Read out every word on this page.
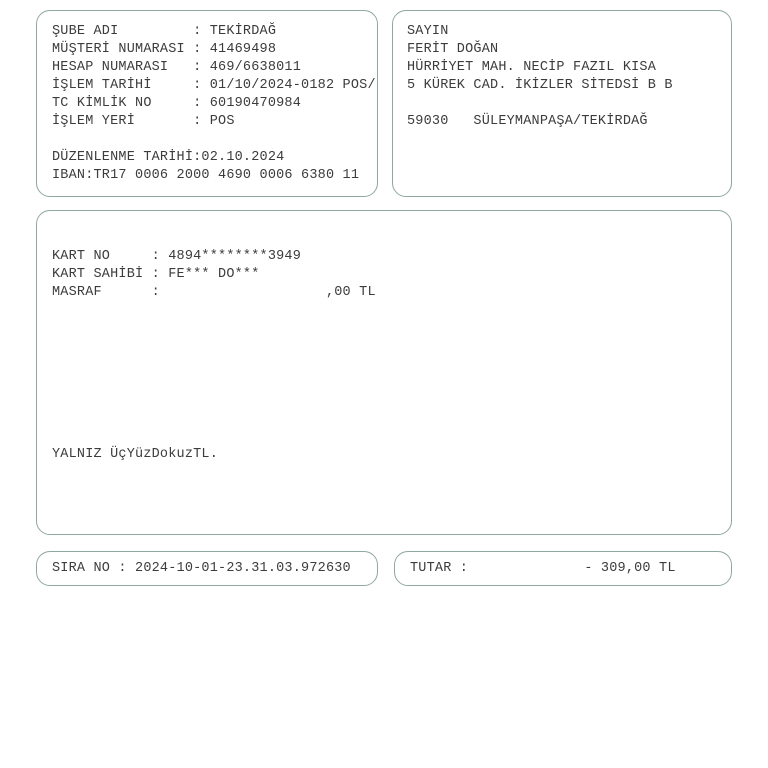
ŞUBE ADI         : TEKİRDAĞ
MÜŞTERİ NUMARASI : 41469498
HESAP NUMARASI   : 469/6638011
İŞLEM TARİHİ     : 01/10/2024-0182 POS/
TC KİMLİK NO     : 60190470984
İŞLEM YERİ       : POS
DÜZENLENME TARİHİ:02.10.2024
IBAN:TR17 0006 2000 4690 0006 6380 11
SAYIN
FERİT DOĞAN
HÜRRİYET MAH. NECİP FAZIL KISA
5 KÜREK CAD. İKİZLER SİTEDSİ B B
59030   SÜLEYMANPAŞA/TEKİRDAĞ
KART NO     : 4894********3949
KART SAHİBİ : FE*** DO***
MASRAF      :                    ,00 TL
YALNIZ ÜçYüzDokuzTL.
SIRA NO : 2024-10-01-23.31.03.972630	TUTAR :              - 309,00 TL
